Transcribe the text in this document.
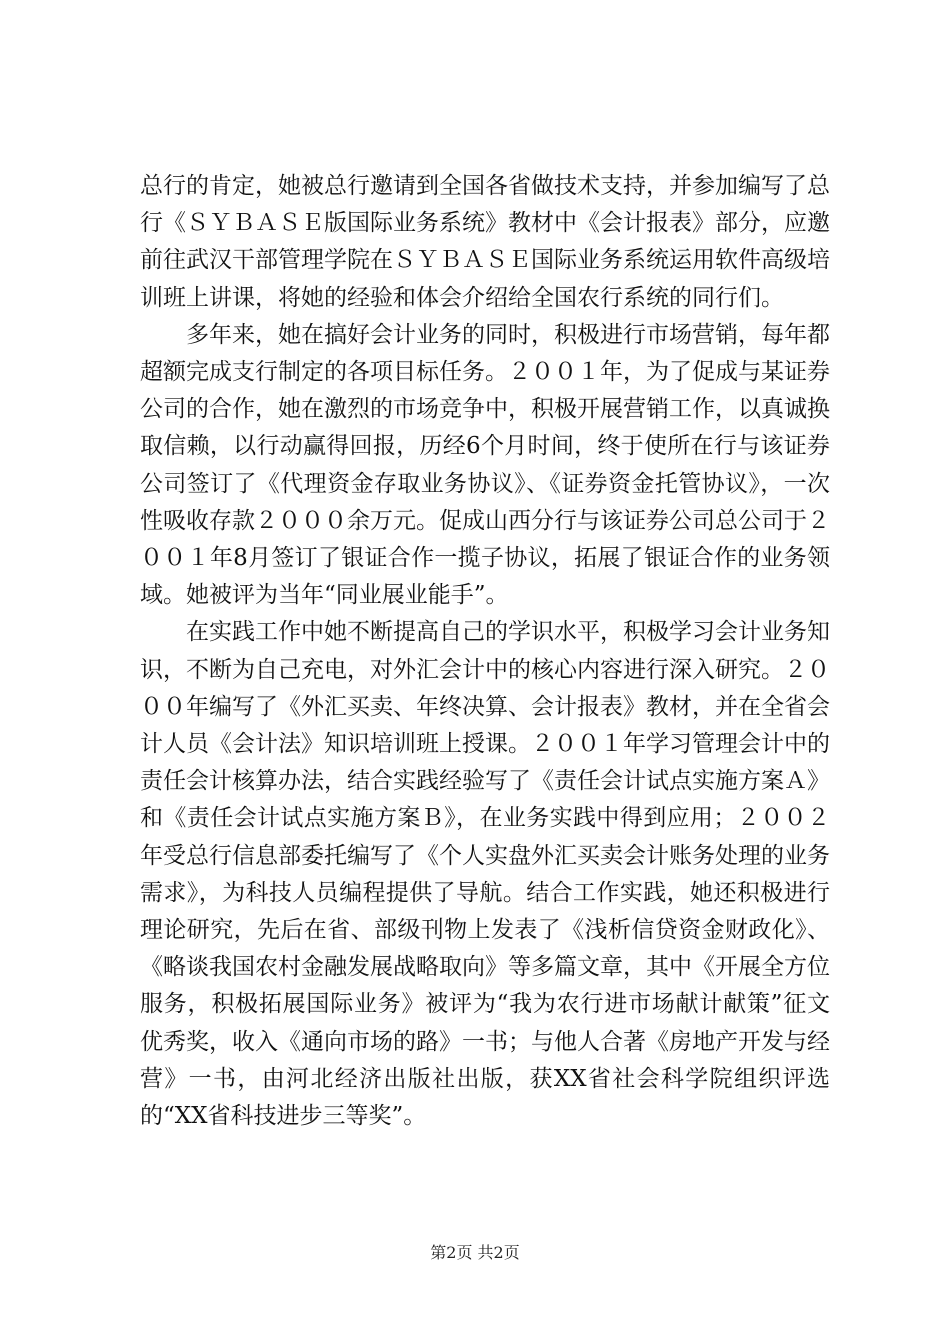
总行的肯定，她被总行邀请到全国各省做技术支持，并参加编写了总行《ＳＹＢＡＳＥ版国际业务系统》教材中《会计报表》部分，应邀前往武汉干部管理学院在ＳＹＢＡＳＥ国际业务系统运用软件高级培训班上讲课，将她的经验和体会介绍给全国农行系统的同行们。

多年来，她在搞好会计业务的同时，积极进行市场营销，每年都超额完成支行制定的各项目标任务。２００１年，为了促成与某证券公司的合作，她在激烈的市场竞争中，积极开展营销工作，以真诚换取信赖，以行动赢得回报，历经6个月时间，终于使所在行与该证券公司签订了《代理资金存取业务协议》、《证券资金托管协议》，一次性吸收存款２０００余万元。促成山西分行与该证券公司总公司于２００１年8月签订了银证合作一揽子协议，拓展了银证合作的业务领域。她被评为当年“同业展业能手”。

在实践工作中她不断提高自己的学识水平，积极学习会计业务知识，不断为自己充电，对外汇会计中的核心内容进行深入研究。２０００年编写了《外汇买卖、年终决算、会计报表》教材，并在全省会计人员《会计法》知识培训班上授课。２００１年学习管理会计中的责任会计核算办法，结合实践经验写了《责任会计试点实施方案Ａ》和《责任会计试点实施方案Ｂ》，在业务实践中得到应用；２００２年受总行信息部委托编写了《个人实盘外汇买卖会计账务处理的业务需求》，为科技人员编程提供了导航。结合工作实践，她还积极进行理论研究，先后在省、部级刊物上发表了《浅析信贷资金财政化》、《略谈我国农村金融发展战略取向》等多篇文章，其中《开展全方位服务，积极拓展国际业务》被评为“我为农行进市场献计献策”征文优秀奖，收入《通向市场的路》一书；与他人合著《房地产开发与经营》一书，由河北经济出版社出版，获XX省社会科学院组织评选的“XX省科技进步三等奖”。

第2页 共2页
